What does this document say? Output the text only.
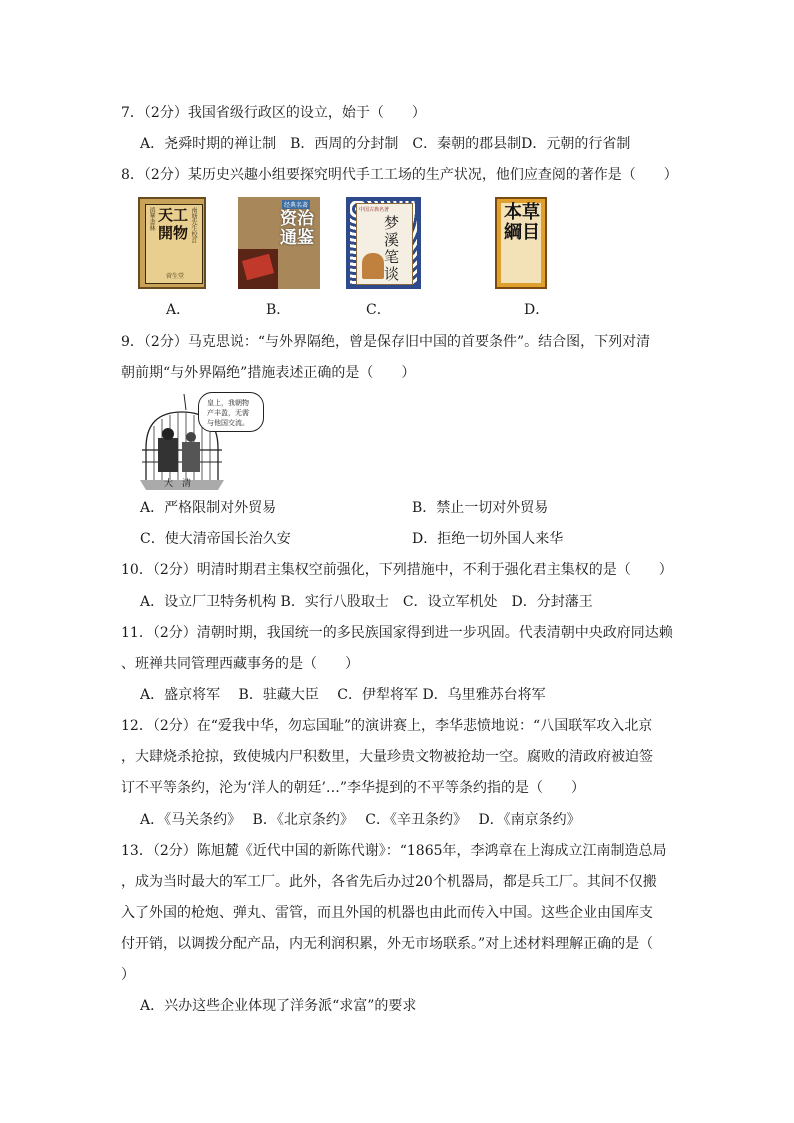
7．（2分）我国省级行政区的设立，始于（　　）
A．尧舜时期的禅让制　B．西周的分封制　C．秦朝的郡县制D．元朝的行省制
8．（2分）某历史兴趣小组要探究明代手工工场的生产状况，他们应查阅的著作是（　　）
滇華書林 天工開物 南塘先生校訂
菅生堂
经典名著
资治通鉴
中国古典名著
梦溪笔谈
本草綱目
A．	B．	C．	D．
9．（2分）马克思说：“与外界隔绝，曾是保存旧中国的首要条件”。结合图，下列对清
朝前期“与外界隔绝”措施表述正确的是（　　）
大　清
皇上，我朝物
产丰盈，无需
与他国交流。
A．严格限制对外贸易	B．禁止一切对外贸易
C．使大清帝国长治久安	D．拒绝一切外国人来华
10．（2分）明清时期君主集权空前强化，下列措施中，不利于强化君主集权的是（　　）
A．设立厂卫特务机构 B．实行八股取士　C．设立军机处　D．分封藩王
11．（2分）清朝时期，我国统一的多民族国家得到进一步巩固。代表清朝中央政府同达赖
、班禅共同管理西藏事务的是（　　）
A．盛京将军　 B．驻藏大臣　 C．伊犁将军 D．乌里雅苏台将军
12．（2分）在“爱我中华，勿忘国耻”的演讲赛上，李华悲愤地说：“八国联军攻入北京
，大肆烧杀抢掠，致使城内尸积数里，大量珍贵文物被抢劫一空。腐败的清政府被迫签
订不平等条约，沦为‘洋人的朝廷’…”李华提到的不平等条约指的是（　　）
A．《马关条约》　 B．《北京条约》　 C．《辛丑条约》　 D．《南京条约》
13．（2分）陈旭麓《近代中国的新陈代谢》：“1865年，李鸿章在上海成立江南制造总局
，成为当时最大的军工厂。此外，各省先后办过20个机器局，都是兵工厂。其间不仅搬
入了外国的枪炮、弹丸、雷管，而且外国的机器也由此而传入中国。这些企业由国库支
付开销，以调拨分配产品，内无利润积累，外无市场联系。”对上述材料理解正确的是（
）
A．兴办这些企业体现了洋务派“求富”的要求
